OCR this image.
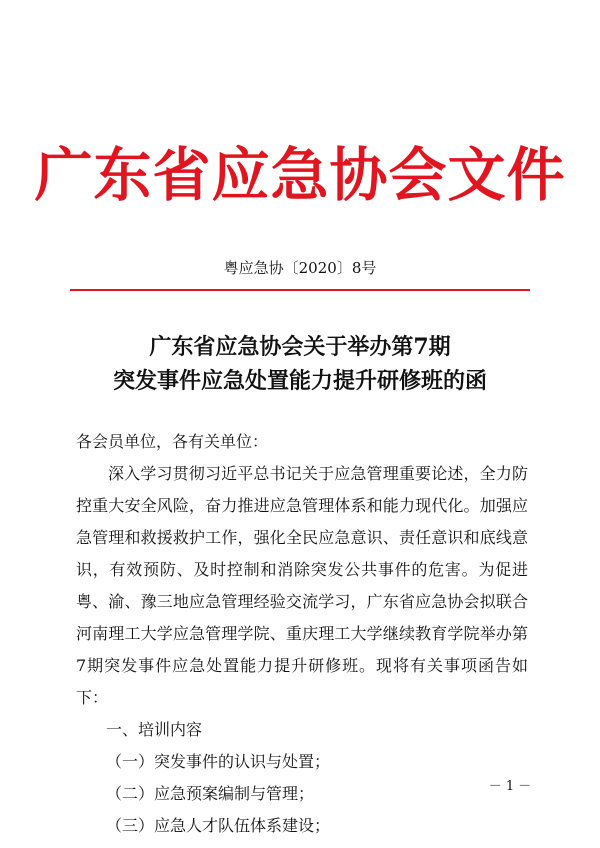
广东省应急协会文件
粤应急协〔2020〕8号
广东省应急协会关于举办第7期
突发事件应急处置能力提升研修班的函

各会员单位，各有关单位：

深入学习贯彻习近平总书记关于应急管理重要论述，全力防控重大安全风险，奋力推进应急管理体系和能力现代化。加强应急管理和救援救护工作，强化全民应急意识、责任意识和底线意识，有效预防、及时控制和消除突发公共事件的危害。为促进粤、渝、豫三地应急管理经验交流学习，广东省应急协会拟联合河南理工大学应急管理学院、重庆理工大学继续教育学院举办第7期突发事件应急处置能力提升研修班。现将有关事项函告如下：

一、培训内容

（一）突发事件的认识与处置；

（二）应急预案编制与管理；

（三）应急人才队伍体系建设；

－ 1 －
